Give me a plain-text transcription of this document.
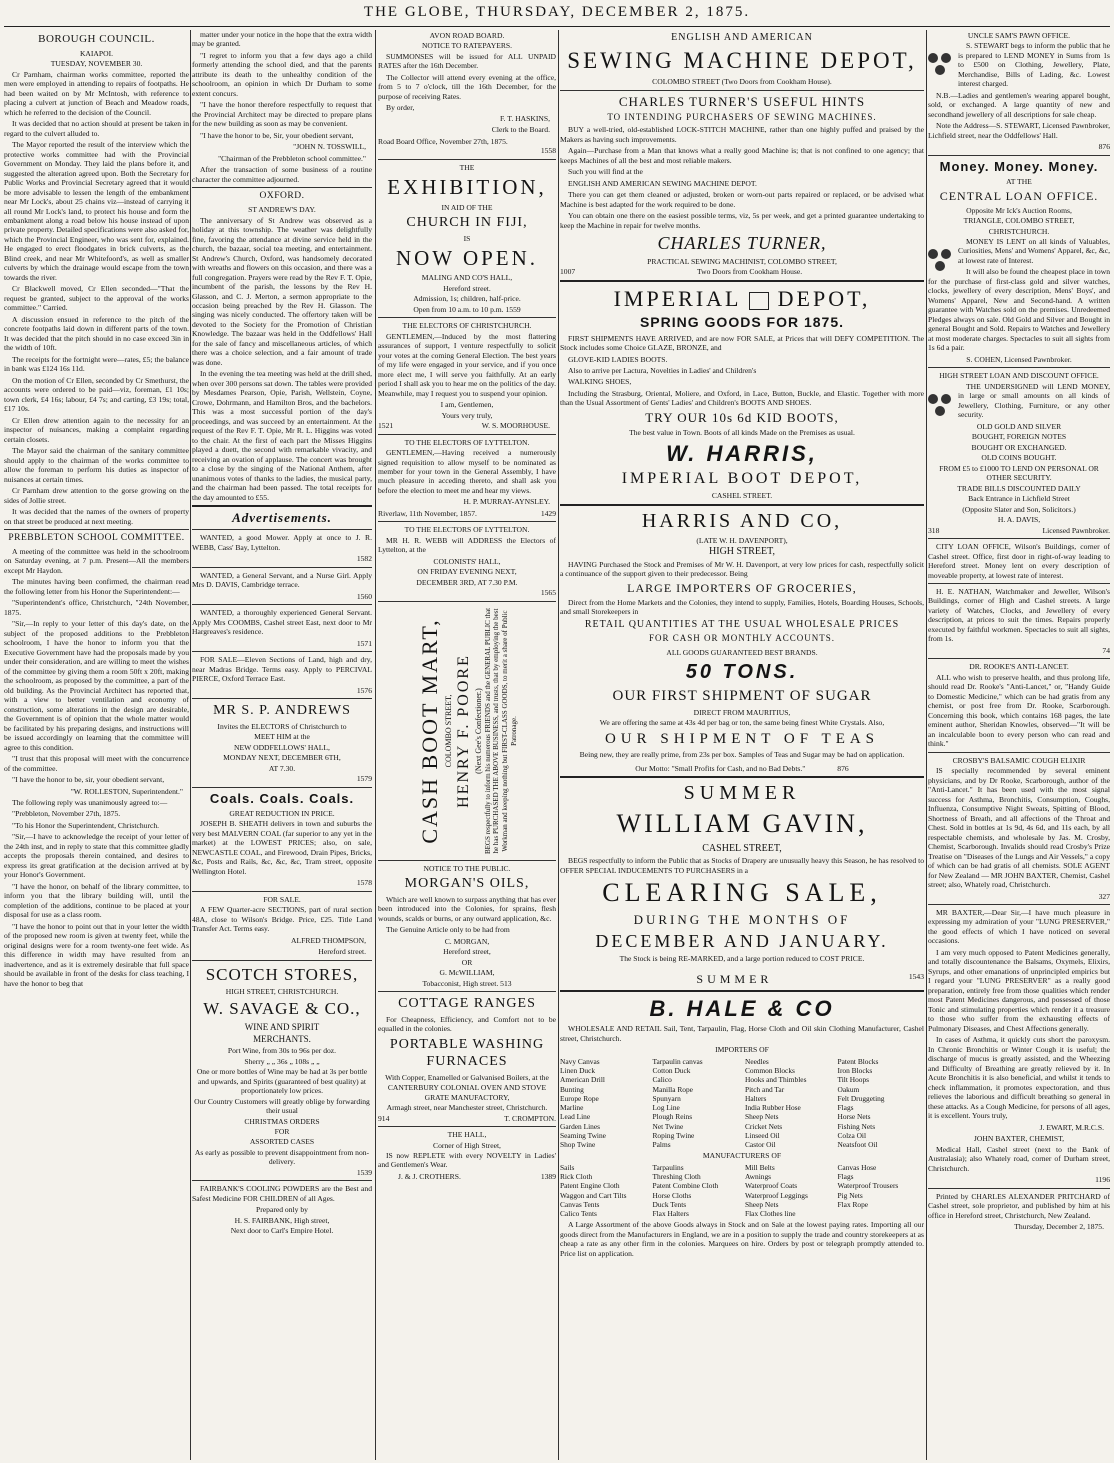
THE GLOBE, THURSDAY, DECEMBER 2, 1875.
BOROUGH COUNCIL.
KAIAPOI.
TUESDAY, NOVEMBER 30.

Cr Parnham, chairman works committee, reported the men were employed in attending to repairs of footpaths. He had been waited on by Mr McIntosh, with reference to placing a culvert at junction of Beach and Meadow roads, which he referred to the decision of the Council.

It was decided that no action should at present be taken in regard to the culvert alluded to.

The Mayor reported the result of the interview which the protective works committee had with the Provincial Government on Monday. They laid the plans before it, and suggested the alteration agreed upon. Both the Secretary for Public Works and Provincial Secretary agreed that it would be more advisable to lessen the length of the embankment near Mr Lock's, about 25 chains viz—instead of carrying it all round Mr Lock's land, to protect his house and form the embankment along a road below his house instead of upon private property. Detailed specifications were also asked for, which the Provincial Engineer, who was sent for, explained. He engaged to erect floodgates in brick culverts, as the Blind creek, and near Mr Whitefoord's, as well as smaller culverts by which the drainage would escape from the town towards the river.

Cr Blackwell moved, Cr Ellen seconded—"That the request be granted, subject to the approval of the works committee." Carried.

A discussion ensued in reference to the pitch of the concrete footpaths laid down in different parts of the town. It was decided that the pitch should in no case exceed 3in in the width of 10ft.

The receipts for the fortnight were—rates, £5; the balance in bank was £124 16s 11d.

On the motion of Cr Ellen, seconded by Cr Smethurst, the accounts were ordered to be paid—viz, foreman, £1 10s; town clerk, £4 16s; labour, £4 7s; and carting, £3 19s; total, £17 10s.

Cr Ellen drew attention again to the necessity for an inspector of nuisances, making a complaint regarding certain closets.

The Mayor said the chairman of the sanitary committee should apply to the chairman of the works committee to allow the foreman to perform his duties as inspector of nuisances at certain times.

Cr Parnham drew attention to the gorse growing on the sides of Jollie street.

It was decided that the names of the owners of property on that street be produced at next meeting.

PREBBLETON SCHOOL COMMITTEE.

A meeting of the committee was held in the schoolroom on Saturday evening, at 7 p.m. Present—All the members except Mr Haydon.

The minutes having been confirmed, the chairman read the following letter from his Honor the Superintendent:—

"Superintendent's office, Christchurch, "24th November, 1875.

"Sir,—In reply to your letter of this day's date, on the subject of the proposed additions to the Prebbleton schoolroom, I have the honor to inform you that the Executive Government have had the proposals made by you under their consideration, and are willing to meet the wishes of the committee by giving them a room 50ft x 20ft, making the schoolroom, as proposed by the committee, a part of the old building. As the Provincial Architect has reported that, with a view to better ventilation and economy of construction, some alterations in the design are desirable, the Government is of opinion that the whole matter would be facilitated by his preparing designs, and instructions will be issued accordingly on learning that the committee will agree to this condition.

"I trust that this proposal will meet with the concurrence of the committee.

"I have the honor to be, sir, your obedient servant,

"W. ROLLESTON, Superintendent."

The following reply was unanimously agreed to:—

"Prebbleton, November 27th, 1875.

"To his Honor the Superintendent, Christchurch.

"Sir,—I have to acknowledge the receipt of your letter of the 24th inst, and in reply to state that this committee gladly accepts the proposals therein contained, and desires to express its great gratification at the decision arrived at by your Honor's Government.

"I have the honor, on behalf of the library committee, to inform you that the library building will, until the completion of the additions, continue to be placed at your disposal for use as a class room.

"I have the honor to point out that in your letter the width of the proposed new room is given at twenty feet, while the original designs were for a room twenty-one feet wide. As this difference in width may have resulted from an inadvertence, and as it is extremely desirable that full space should be available in front of the desks for class teaching, I have the honor to beg that

matter under your notice in the hope that the extra width may be granted.

"I regret to inform you that a few days ago a child formerly attending the school died, and that the parents attribute its death to the unhealthy condition of the schoolroom, an opinion in which Dr Durham to some extent concurs.

"I have the honor therefore respectfully to request that the Provincial Architect may be directed to prepare plans for the new building as soon as may be convenient.

"I have the honor to be, Sir, your obedient servant,

"JOHN N. TOSSWILL,
"Chairman of the Prebbleton school committee."

After the transaction of some business of a routine character the committee adjourned.

OXFORD.
ST ANDREW'S DAY.

The anniversary of St Andrew was observed as a holiday at this township. The weather was delightfully fine, favoring the attendance at divine service held in the church, the bazaar, social tea meeting, and entertainment. St Andrew's Church, Oxford, was handsomely decorated with wreaths and flowers on this occasion, and there was a full congregation. Prayers were read by the Rev F. T. Opie, incumbent of the parish, the lessons by the Rev H. Glasson, and C. J. Merton, a sermon appropriate to the occasion being preached by the Rev H. Glasson. The singing was nicely conducted. The offertory taken will be devoted to the Society for the Promotion of Christian Knowledge. The bazaar was held in the Oddfellows' Hall for the sale of fancy and miscellaneous articles, of which there was a choice selection, and a fair amount of trade was done.

In the evening the tea meeting was held at the drill shed, when over 300 persons sat down. The tables were provided by Mesdames Pearson, Opie, Parish, Wellstein, Coyne, Crowe, Dohrmann, and Hamilton Bros, and the bachelors. This was a most successful portion of the day's proceedings, and was succeed by an entertainment. At the request of the Rev F. T. Opie, Mr R. L. Higgins was voted to the chair. At the first of each part the Misses Higgins played a duett, the second with remarkable vivacity, and receiving an ovation of applause. The concert was brought to a close by the singing of the National Anthem, after unanimous votes of thanks to the ladies, the musical party, and the chairman had been passed. The total receipts for the day amounted to £55.

Advertisements.

WANTED, a good Mower. Apply at once to J. R. WEBB, Cass' Bay, Lyttelton.

1582

WANTED, a General Servant, and a Nurse Girl. Apply Mrs D. DAVIS, Cambridge terrace.

1560

WANTED, a thoroughly experienced General Servant. Apply Mrs COOMBS, Cashel street East, next door to Mr Hargreaves's residence.

1571

FOR SALE—Eleven Sections of Land, high and dry, near Madras Bridge. Terms easy. Apply to PERCIVAL PIERCE, Oxford Terrace East.

1576
MR S. P. ANDREWS
Invites the ELECTORS of Christchurch to
MEET HIM at the
NEW ODDFELLOWS' HALL,
MONDAY NEXT, DECEMBER 6TH,
AT 7.30.
1579
Coals. Coals. Coals.
GREAT REDUCTION IN PRICE.

JOSEPH B. SHEATH delivers in town and suburbs the very best MALVERN COAL (far superior to any yet in the market) at the LOWEST PRICES; also, on sale, NEWCASTLE COAL, and Firewood, Drain Pipes, Bricks, &c, Posts and Rails, &c, &c, &c, Tram street, opposite Wellington Hotel.

1578
FOR SALE.

A FEW Quarter-acre SECTIONS, part of rural section 48A, close to Wilson's Bridge. Price, £25. Title Land Transfer Act. Terms easy.

ALFRED THOMPSON,
Hereford street.
SCOTCH STORES,
HIGH STREET, CHRISTCHURCH.
W. SAVAGE & CO.,
WINE AND SPIRIT
MERCHANTS.
Port Wine, from 30s to 96s per doz.
Sherry „ „ 36s „ 108s „ „
One or more bottles of Wine may be had at 3s per bottle and upwards, and Spirits (guaranteed of best quality) at proportionately low prices.
Our Country Customers will greatly oblige by forwarding their usual
CHRISTMAS ORDERS
FOR
ASSORTED CASES
As early as possible to prevent disappointment from non-delivery.
1539

FAIRBANK'S COOLING POWDERS are the Best and Safest Medicine FOR CHILDREN of all Ages.

Prepared only by
H. S. FAIRBANK, High street,
Next door to Carl's Empire Hotel.
AVON ROAD BOARD.
NOTICE TO RATEPAYERS.

SUMMONSES will be issued for ALL UNPAID RATES after the 16th December.

The Collector will attend every evening at the office, from 5 to 7 o'clock, till the 16th December, for the purpose of receiving Rates.

By order,
F. T. HASKINS,
Clerk to the Board.
Road Board Office, November 27th, 1875.
1558
THE
EXHIBITION,
IN AID OF THE
CHURCH IN FIJI,
IS
NOW OPEN.
MALING AND CO'S HALL,
Hereford street.
Admission, 1s; children, half-price.
Open from 10 a.m. to 10 p.m. 1559
THE ELECTORS OF CHRISTCHURCH.

GENTLEMEN,—Induced by the most flattering assurances of support, I venture respectfully to solicit your votes at the coming General Election. The best years of my life were engaged in your service, and if you once more elect me, I will serve you faithfully. At an early period I shall ask you to hear me on the politics of the day. Meanwhile, may I request you to suspend your opinion.

I am, Gentlemen,
Yours very truly,
1521	W. S. MOORHOUSE.
TO THE ELECTORS OF LYTTELTON.

GENTLEMEN,—Having received a numerously signed requisition to allow myself to be nominated as member for your town in the General Assembly, I have much pleasure in acceding thereto, and shall ask you before the election to meet me and hear my views.

H. P. MURRAY-AYNSLEY.
Riverlaw, 11th November, 1857.	1429
TO THE ELECTORS OF LYTTELTON.

MR H. R. WEBB will ADDRESS the Electors of Lyttelton, at the

COLONISTS' HALL,
ON FRIDAY EVENING NEXT,
DECEMBER 3RD, AT 7.30 P.M.
1565
CASH BOOT MART, COLOMBO STREET, HENRY F. POORE (Next Gee's Confectioner.) BEGS respectfully to inform his numerous FRIENDS and the GENERAL PUBLIC that he has PURCHASED THE ABOVE BUSINESS, and trusts, that by employing the best Workman and keeping nothing but FIRST-CLASS GOODS, to merit a share of Public Patronage.
NOTICE TO THE PUBLIC.
MORGAN'S OILS,

Which are well known to surpass anything that has ever been introduced into the Colonies, for sprains, flesh wounds, scalds or burns, or any outward application, &c.

The Genuine Article only to be had from

C. MORGAN,
Hereford street,
OR
G. McWILLIAM,
Tobacconist, High street. 513
COTTAGE RANGES

For Cheapness, Efficiency, and Comfort not to be equalled in the colonies.

PORTABLE WASHING FURNACES
With Copper, Enamelled or Galvanised Boilers, at the
CANTERBURY COLONIAL OVEN AND STOVE GRATE MANUFACTORY,
Armagh street, near Manchester street, Christchurch.
914	T. CROMPTON.
THE HALL,
Corner of High Street,

IS now REPLETE with every NOVELTY in Ladies' and Gentlemen's Wear.

J. & J. CROTHERS.	1389
ENGLISH AND AMERICAN
SEWING MACHINE DEPOT,
COLOMBO STREET (Two Doors from Cookham House).
CHARLES TURNER'S USEFUL HINTS
TO INTENDING PURCHASERS OF SEWING MACHINES.

BUY a well-tried, old-established LOCK-STITCH MACHINE, rather than one highly puffed and praised by the Makers as having such improvements.

Again—Purchase from a Man that knows what a really good Machine is; that is not confined to one agency; that keeps Machines of all the best and most reliable makers.

Such you will find at the

ENGLISH AND AMERICAN SEWING MACHINE DEPOT.

There you can get them cleaned or adjusted, broken or worn-out parts repaired or replaced, or be advised what Machine is best adapted for the work required to be done.

You can obtain one there on the easiest possible terms, viz, 5s per week, and get a printed guarantee undertaking to keep the Machine in repair for twelve months.

CHARLES TURNER,
PRACTICAL SEWING MACHINIST, COLOMBO STREET,
1007	Two Doors from Cookham House.
IMPERIAL DEPOT,
SPRING GOODS FOR 1875.

FIRST SHIPMENTS HAVE ARRIVED, and are now FOR SALE, at Prices that will DEFY COMPETITION. The Stock includes some Choice GLAZE, BRONZE, and

GLOVE-KID LADIES BOOTS.

Also to arrive per Lactura, Novelties in Ladies' and Children's

WALKING SHOES,

Including the Strasburg, Oriental, Moliere, and Oxford, in Lace, Button, Buckle, and Elastic. Together with more than the Usual Assortment of Gents' Ladies' and Children's BOOTS AND SHOES.

TRY OUR 10s 6d KID BOOTS,
The best value in Town. Boots of all kinds Made on the Premises as usual.
W. HARRIS,
IMPERIAL BOOT DEPOT,
CASHEL STREET.
HARRIS AND CO,
(LATE W. H. DAVENPORT),
HIGH STREET,

HAVING Purchased the Stock and Premises of Mr W. H. Davenport, at very low prices for cash, respectfully solicit a continuance of the support given to their predecessor. Being

LARGE IMPORTERS OF GROCERIES,

Direct from the Home Markets and the Colonies, they intend to supply, Families, Hotels, Boarding Houses, Schools, and small Storekeepers in

RETAIL QUANTITIES AT THE USUAL WHOLESALE PRICES
FOR CASH OR MONTHLY ACCOUNTS.
ALL GOODS GUARANTEED BEST BRANDS.
50 TONS.
OUR FIRST SHIPMENT OF SUGAR
DIRECT FROM MAURITIUS,
We are offering the same at 43s 4d per bag or ton, the same being finest White Crystals. Also,
OUR SHIPMENT OF TEAS
Being new, they are really prime, from 23s per box. Samples of Teas and Sugar may be had on application.
Our Motto: "Small Profits for Cash, and no Bad Debts."	876
SUMMER
WILLIAM GAVIN,
CASHEL STREET,

BEGS respectfully to inform the Public that as Stocks of Drapery are unusually heavy this Season, he has resolved to OFFER SPECIAL INDUCEMENTS TO PURCHASERS in a

CLEARING SALE,
DURING THE MONTHS OF
DECEMBER AND JANUARY.
The Stock is being RE-MARKED, and a large portion reduced to COST PRICE.
SUMMER	1543
B. HALE & CO

WHOLESALE AND RETAIL Sail, Tent, Tarpaulin, Flag, Horse Cloth and Oil skin Clothing Manufacturer, Cashel street, Christchurch.

IMPORTERS OF
Navy Canvas	Tarpaulin canvas	Needles	Patent Blocks
Linen Duck	Cotton Duck	Common Blocks	Iron Blocks
American Drill	Calico	Hooks and Thimbles	Tilt Hoops
Bunting	Manilla Rope	Pitch and Tar	Oakum
Europe Rope	Spunyarn	Halters	Felt Druggeting
Marline	Log Line	India Rubber Hose	Flags
Lead Line	Plough Reins	Sheep Nets	Horse Nets
Garden Lines	Net Twine	Cricket Nets	Fishing Nets
Seaming Twine	Roping Twine	Linseed Oil	Colza Oil
Shop Twine	Palms	Castor Oil	Neatsfoot Oil
MANUFACTURERS OF
Sails	Tarpaulins	Mill Belts	Canvas Hose
Rick Cloth	Threshing Cloth	Awnings	Flags
Patent Engine Cloth	Patent Combine Cloth	Waterproof Coats	Waterproof Trousers
Waggon and Cart Tilts	Horse Cloths	Waterproof Leggings	Pig Nets
Canvas Tents	Duck Tents	Sheep Nets	Flax Rope
Calico Tents	Flax Halters	Flax Clothes line

A Large Assortment of the above Goods always in Stock and on Sale at the lowest paying rates. Importing all our goods direct from the Manufacturers in England, we are in a position to supply the trade and country storekeepers at as cheap a rate as any other firm in the colonies. Marquees on hire. Orders by post or telegraph promptly attended to. Price list on application.

UNCLE SAM'S PAWN OFFICE.

S. STEWART begs to inform the public that he is prepared to LEND MONEY in Sums from 1s to £500 on Clothing, Jewellery, Plate, Merchandise, Bills of Lading, &c. Lowest interest charged.

N.B.—Ladies and gentlemen's wearing apparel bought, sold, or exchanged. A large quantity of new and secondhand jewellery of all descriptions for sale cheap.

Note the Address—S. STEWART, Licensed Pawnbroker, Lichfield street, near the Oddfellows' Hall.

876
Money. Money. Money.
AT THE
CENTRAL LOAN OFFICE.
Opposite Mr Ick's Auction Rooms,
TRIANGLE, COLOMBO STREET,
CHRISTCHURCH.

MONEY IS LENT on all kinds of Valuables, Curiosities, Mens' and Womens' Apparel, &c, &c, at lowest rate of Interest.

It will also be found the cheapest place in town for the purchase of first-class gold and silver watches, clocks, jewellery of every description, Mens' Boys', and Womens' Apparel, New and Second-hand. A written guarantee with Watches sold on the premises. Unredeemed Pledges always on sale. Old Gold and Silver and Bought in general Bought and Sold. Repairs to Watches and Jewellery at most moderate charges. Spectacles to suit all sights from 1s 6d a pair.

S. COHEN, Licensed Pawnbroker.
HIGH STREET LOAN AND DISCOUNT OFFICE.

THE UNDERSIGNED will LEND MONEY, in large or small amounts on all kinds of Jewellery, Clothing, Furniture, or any other security.

OLD GOLD AND SILVER
BOUGHT, FOREIGN NOTES
BOUGHT OR EXCHANGED.
OLD COINS BOUGHT.
FROM £5 to £1000 TO LEND ON PERSONAL OR OTHER SECURITY.
TRADE BILLS DISCOUNTED DAILY
Back Entrance in Lichfield Street
(Opposite Slater and Son, Solicitors.)
H. A. DAVIS,
318	Licensed Pawnbroker.

CITY LOAN OFFICE, Wilson's Buildings, corner of Cashel street. Office, first door in right-of-way leading to Hereford street. Money lent on every description of moveable property, at lowest rate of interest.

H. E. NATHAN, Watchmaker and Jeweller, Wilson's Buildings, corner of High and Cashel streets. A large variety of Watches, Clocks, and Jewellery of every description, at prices to suit the times. Repairs properly executed by faithful workmen. Spectacles to suit all sights, from 1s.

74
DR. ROOKE'S ANTI-LANCET.

ALL who wish to preserve health, and thus prolong life, should read Dr. Rooke's "Anti-Lancet," or, "Handy Guide to Domestic Medicine," which can be had gratis from any chemist, or post free from Dr. Rooke, Scarborough. Concerning this book, which contains 168 pages, the late eminent author, Sheridan Knowles, observed—"It will be an incalculable boon to every person who can read and think."

CROSBY'S BALSAMIC COUGH ELIXIR

IS specially recommended by several eminent physicians, and by Dr Rooke, Scarborough, author of the "Anti-Lancet." It has been used with the most signal success for Asthma, Bronchitis, Consumption, Coughs, Influenza, Consumptive Night Sweats, Spitting of Blood, Shortness of Breath, and all affections of the Throat and Chest. Sold in bottles at 1s 9d, 4s 6d, and 11s each, by all respectable chemists, and wholesale by Jas. M. Crosby, Chemist, Scarborough. Invalids should read Crosby's Prize Treatise on "Diseases of the Lungs and Air Vessels," a copy of which can be had gratis of all chemists. SOLE AGENT for New Zealand — MR JOHN BAXTER, Chemist, Cashel street; also, Whately road, Christchurch.

327

MR BAXTER,—Dear Sir,—I have much pleasure in expressing my admiration of your "LUNG PRESERVER," the good effects of which I have noticed on several occasions.

I am very much opposed to Patent Medicines generally, and totally discountenance the Balsams, Oxymels, Elixirs, Syrups, and other emanations of unprincipled empirics but I regard your "LUNG PRESERVER" as a really good preparation, entirely free from those qualities which render most Patent Medicines dangerous, and possessed of those Tonic and stimulating properties which render it a treasure to those who suffer from the exhausting effects of Pulmonary Diseases, and Chest Affections generally.

In cases of Asthma, it quickly cuts short the paroxysm. In Chronic Bronchitis or Winter Cough it is useful; the discharge of mucus is greatly assisted, and the Wheezing and Difficulty of Breathing are greatly relieved by it. In Acute Bronchitis it is also beneficial, and whilst it tends to check inflammation, it promotes expectoration, and thus relieves the laborious and difficult breathing so general in these attacks. As a Cough Medicine, for persons of all ages, it is excellent. Yours truly,

J. EWART, M.R.C.S.
JOHN BAXTER, CHEMIST,

Medical Hall, Cashel street (next to the Bank of Australasia); also Whately road, corner of Durham street, Christchurch.

1196

Printed by CHARLES ALEXANDER PRITCHARD of Cashel street, sole proprietor, and published by him at his office in Hereford street, Christchurch, New Zealand.

Thursday, December 2, 1875.
